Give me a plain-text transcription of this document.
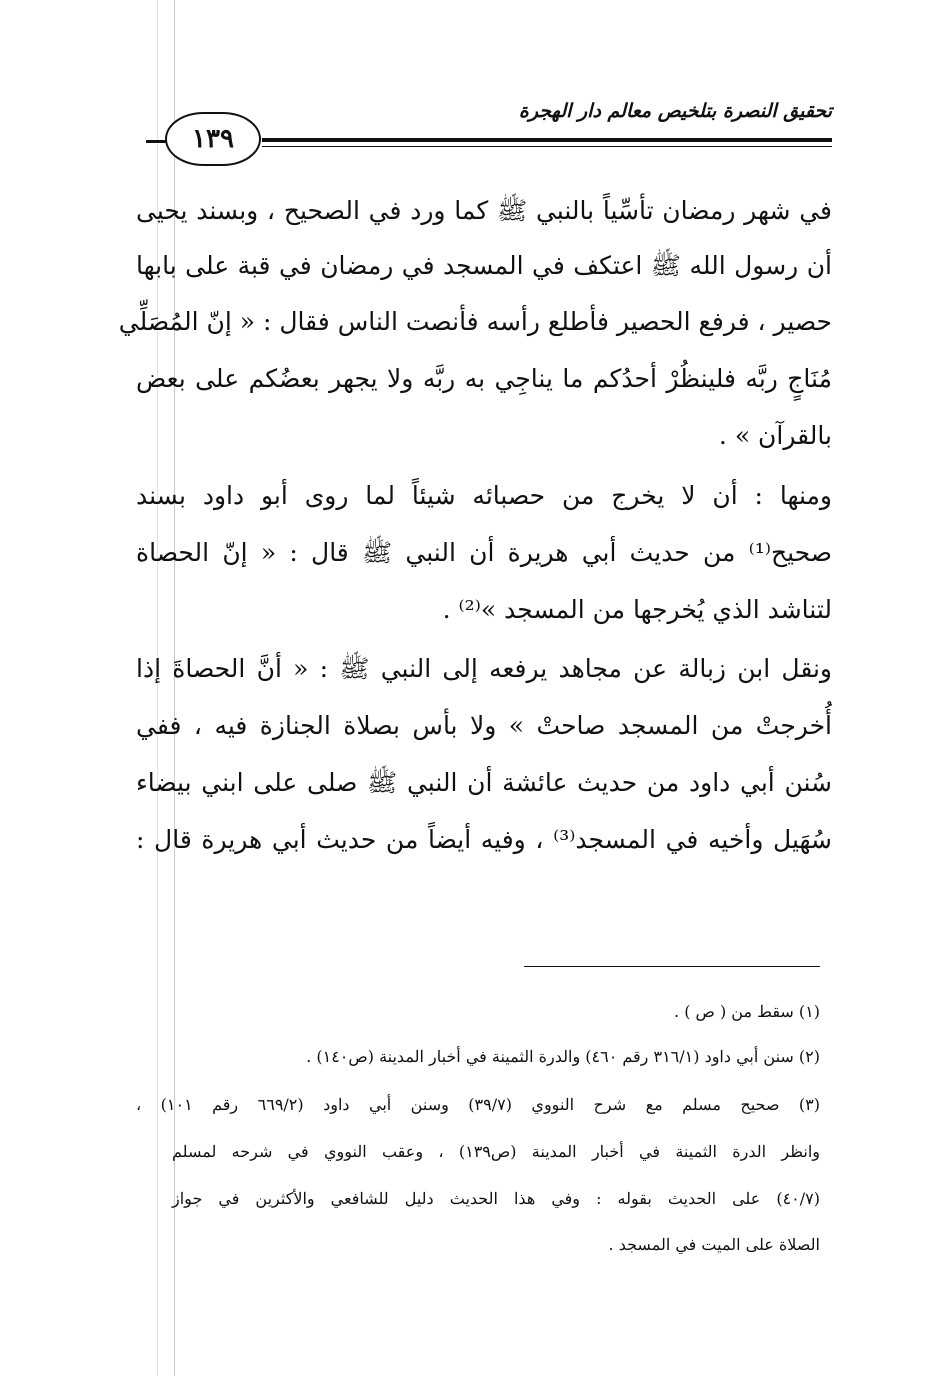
تحقيق النصرة بتلخيص معالم دار الهجرة
١٣٩
في شهر رمضان تأسِّياً بالنبي ﷺ كما ورد في الصحيح ، وبسند يحيى
أن رسول الله ﷺ اعتكف في المسجد في رمضان في قبة على بابها
حصير ، فرفع الحصير فأطلع رأسه فأنصت الناس فقال : « إنّ المُصَلِّي
مُنَاجٍ ربَّه فلينظُرْ أحدُكم ما يناجِي به ربَّه ولا يجهر بعضُكم على بعض
بالقرآن » .
ومنها : أن لا يخرج من حصبائه شيئاً لما روى أبو داود بسند
صحيح⁽¹⁾ من حديث أبي هريرة أن النبي ﷺ قال : « إنّ الحصاة
لتناشد الذي يُخرجها من المسجد »⁽²⁾ .
ونقل ابن زبالة عن مجاهد يرفعه إلى النبي ﷺ : « أنَّ الحصاةَ إذا
أُخرجتْ من المسجد صاحتْ » ولا بأس بصلاة الجنازة فيه ، ففي
سُنن أبي داود من حديث عائشة أن النبي ﷺ صلى على ابني بيضاء
سُهَيل وأخيه في المسجد⁽³⁾ ، وفيه أيضاً من حديث أبي هريرة قال :
(١) سقط من ( ص ) .
(٢) سنن أبي داود (٣١٦/١ رقم ٤٦٠) والدرة الثمينة في أخبار المدينة (ص١٤٠) .
(٣) صحيح مسلم مع شرح النووي (٣٩/٧) وسنن أبي داود (٦٦٩/٢ رقم ١٠١) ،
وانظر الدرة الثمينة في أخبار المدينة (ص١٣٩) ، وعقب النووي في شرحه لمسلم
(٤٠/٧) على الحديث بقوله : وفي هذا الحديث دليل للشافعي والأكثرين في جواز
الصلاة على الميت في المسجد .
